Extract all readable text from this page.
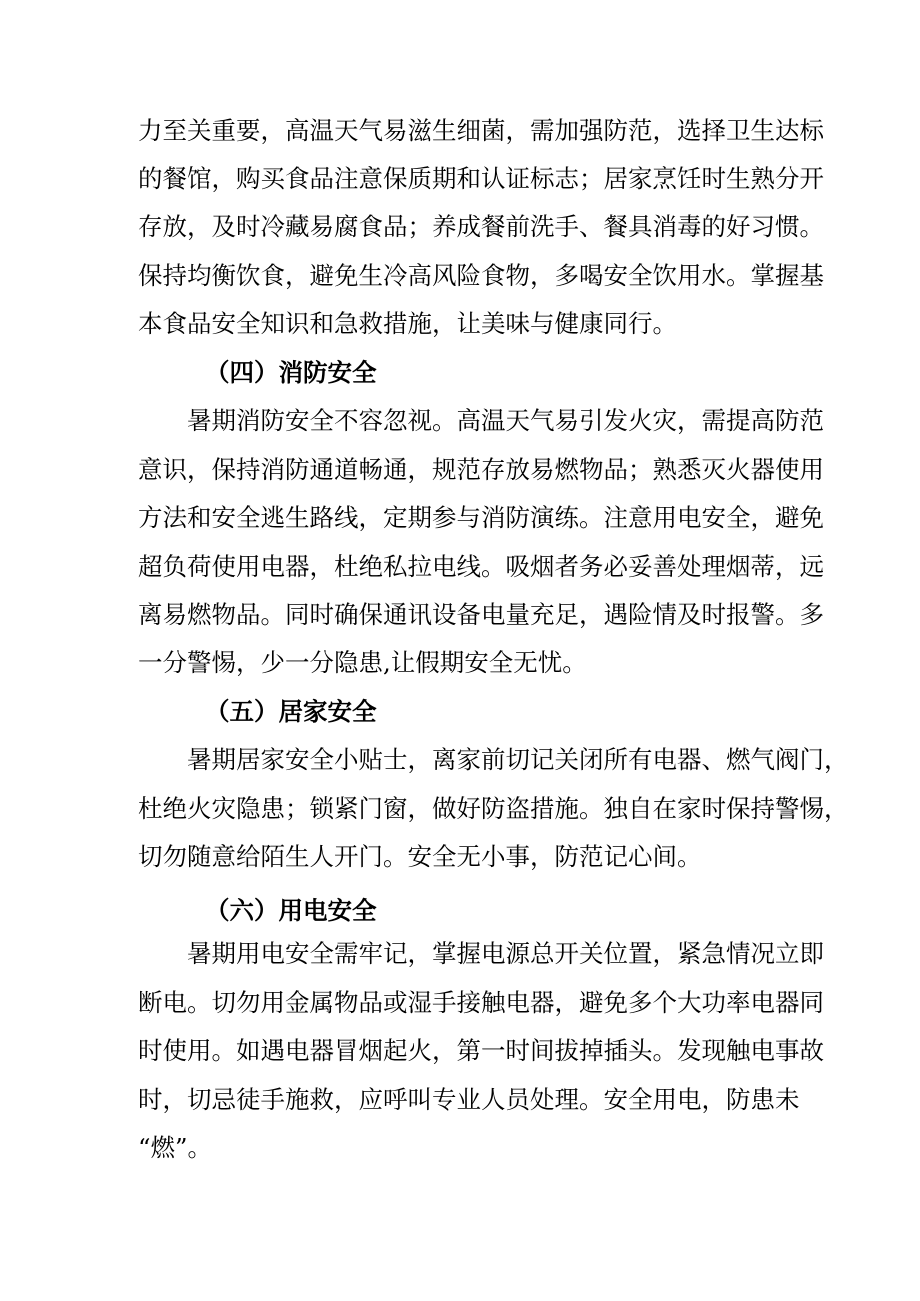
力至关重要，高温天气易滋生细菌，需加强防范，选择卫生达标
的餐馆，购买食品注意保质期和认证标志；居家烹饪时生熟分开
存放，及时冷藏易腐食品；养成餐前洗手、餐具消毒的好习惯。
保持均衡饮食，避免生冷高风险食物，多喝安全饮用水。掌握基
本食品安全知识和急救措施，让美味与健康同行。
（四）消防安全
暑期消防安全不容忽视。高温天气易引发火灾，需提高防范
意识，保持消防通道畅通，规范存放易燃物品；熟悉灭火器使用
方法和安全逃生路线，定期参与消防演练。注意用电安全，避免
超负荷使用电器，杜绝私拉电线。吸烟者务必妥善处理烟蒂，远
离易燃物品。同时确保通讯设备电量充足，遇险情及时报警。多
一分警惕，少一分隐患,让假期安全无忧。
（五）居家安全
暑期居家安全小贴士，离家前切记关闭所有电器、燃气阀门，
杜绝火灾隐患；锁紧门窗，做好防盗措施。独自在家时保持警惕，
切勿随意给陌生人开门。安全无小事，防范记心间。
（六）用电安全
暑期用电安全需牢记，掌握电源总开关位置，紧急情况立即
断电。切勿用金属物品或湿手接触电器，避免多个大功率电器同
时使用。如遇电器冒烟起火，第一时间拔掉插头。发现触电事故
时，切忌徒手施救，应呼叫专业人员处理。安全用电，防患未
“燃”。
